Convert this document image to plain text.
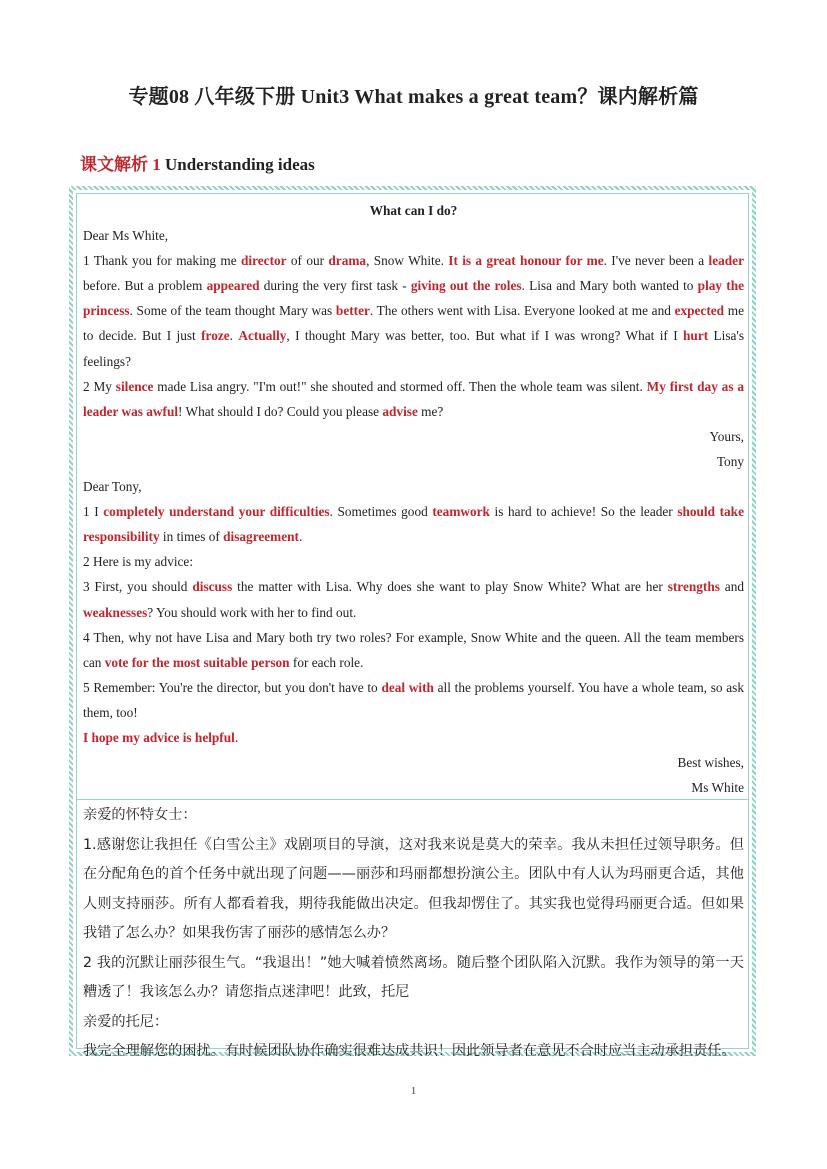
专题08 八年级下册 Unit3 What makes a great team？课内解析篇
课文解析 1 Understanding ideas

What can I do?

Dear Ms White,

1 Thank you for making me director of our drama, Snow White. It is a great honour for me. I've never been a leader before. But a problem appeared during the very first task - giving out the roles. Lisa and Mary both wanted to play the princess. Some of the team thought Mary was better. The others went with Lisa. Everyone looked at me and expected me to decide. But I just froze. Actually, I thought Mary was better, too. But what if I was wrong? What if I hurt Lisa's feelings?

2 My silence made Lisa angry. "I'm out!" she shouted and stormed off. Then the whole team was silent. My first day as a leader was awful! What should I do? Could you please advise me?

Yours,

Tony

Dear Tony,

1 I completely understand your difficulties. Sometimes good teamwork is hard to achieve! So the leader should take responsibility in times of disagreement.

2 Here is my advice:

3 First, you should discuss the matter with Lisa. Why does she want to play Snow White? What are her strengths and weaknesses? You should work with her to find out.

4 Then, why not have Lisa and Mary both try two roles? For example, Snow White and the queen. All the team members can vote for the most suitable person for each role.

5 Remember: You're the director, but you don't have to deal with all the problems yourself. You have a whole team, so ask them, too!

I hope my advice is helpful.

Best wishes,

Ms White

亲爱的怀特女士：

1.感谢您让我担任《白雪公主》戏剧项目的导演，这对我来说是莫大的荣幸。我从未担任过领导职务。但在分配角色的首个任务中就出现了问题——丽莎和玛丽都想扮演公主。团队中有人认为玛丽更合适，其他人则支持丽莎。所有人都看着我，期待我能做出决定。但我却愣住了。其实我也觉得玛丽更合适。但如果我错了怎么办？如果我伤害了丽莎的感情怎么办？

2 我的沉默让丽莎很生气。“我退出！”她大喊着愤然离场。随后整个团队陷入沉默。我作为领导的第一天糟透了！我该怎么办？请您指点迷津吧！此致，托尼

亲爱的托尼：

我完全理解您的困扰。有时候团队协作确实很难达成共识！因此领导者在意见不合时应当主动承担责任。

1
